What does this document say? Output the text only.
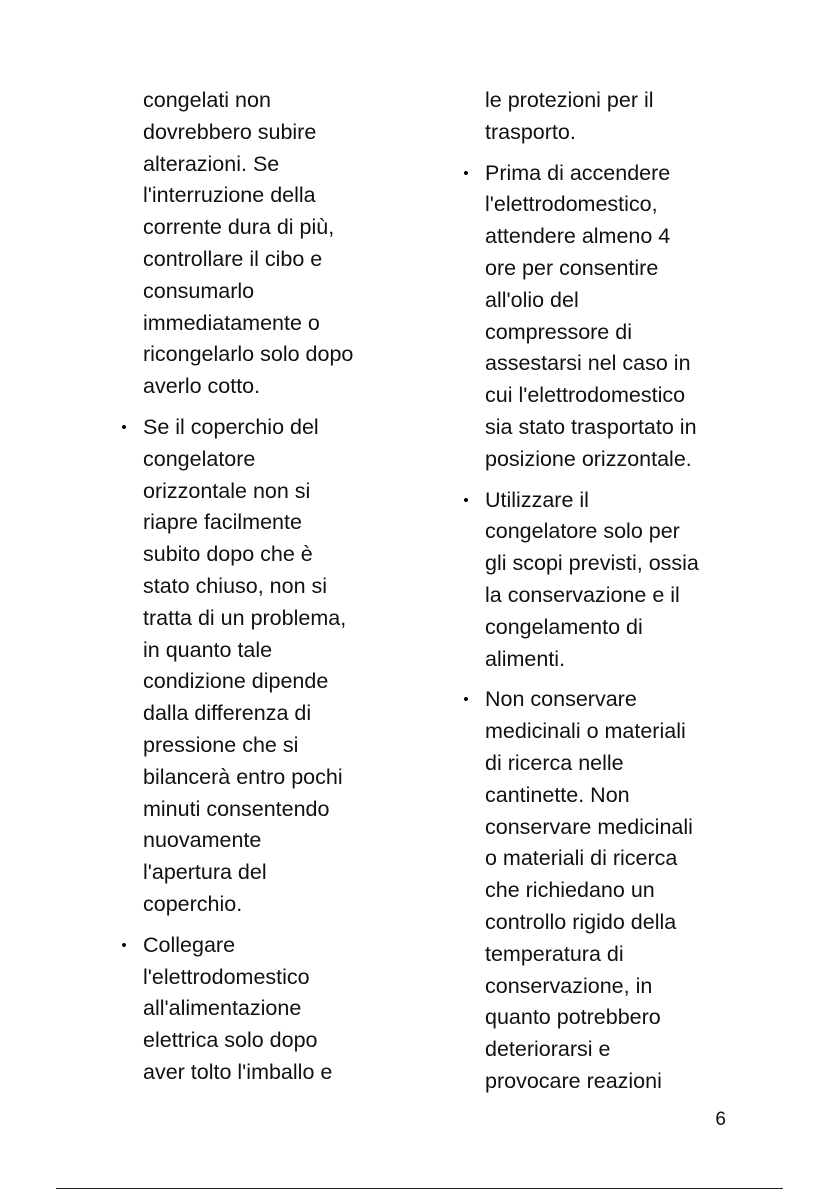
congelati non
dovrebbero subire
alterazioni. Se
l'interruzione della
corrente dura di più,
controllare il cibo e
consumarlo
immediatamente o
ricongelarlo solo dopo
averlo cotto.
• Se il coperchio del
congelatore
orizzontale non si
riapre facilmente
subito dopo che è
stato chiuso, non si
tratta di un problema,
in quanto tale
condizione dipende
dalla differenza di
pressione che si
bilancerà entro pochi
minuti consentendo
nuovamente
l'apertura del
coperchio.
• Collegare
l'elettrodomestico
all'alimentazione
elettrica solo dopo
aver tolto l'imballo e
le protezioni per il
trasporto.
• Prima di accendere
l'elettrodomestico,
attendere almeno 4
ore per consentire
all'olio del
compressore di
assestarsi nel caso in
cui l'elettrodomestico
sia stato trasportato in
posizione orizzontale.
• Utilizzare il
congelatore solo per
gli scopi previsti, ossia
la conservazione e il
congelamento di
alimenti.
• Non conservare
medicinali o materiali
di ricerca nelle
cantinette. Non
conservare medicinali
o materiali di ricerca
che richiedano un
controllo rigido della
temperatura di
conservazione, in
quanto potrebbero
deteriorarsi e
provocare reazioni
6
